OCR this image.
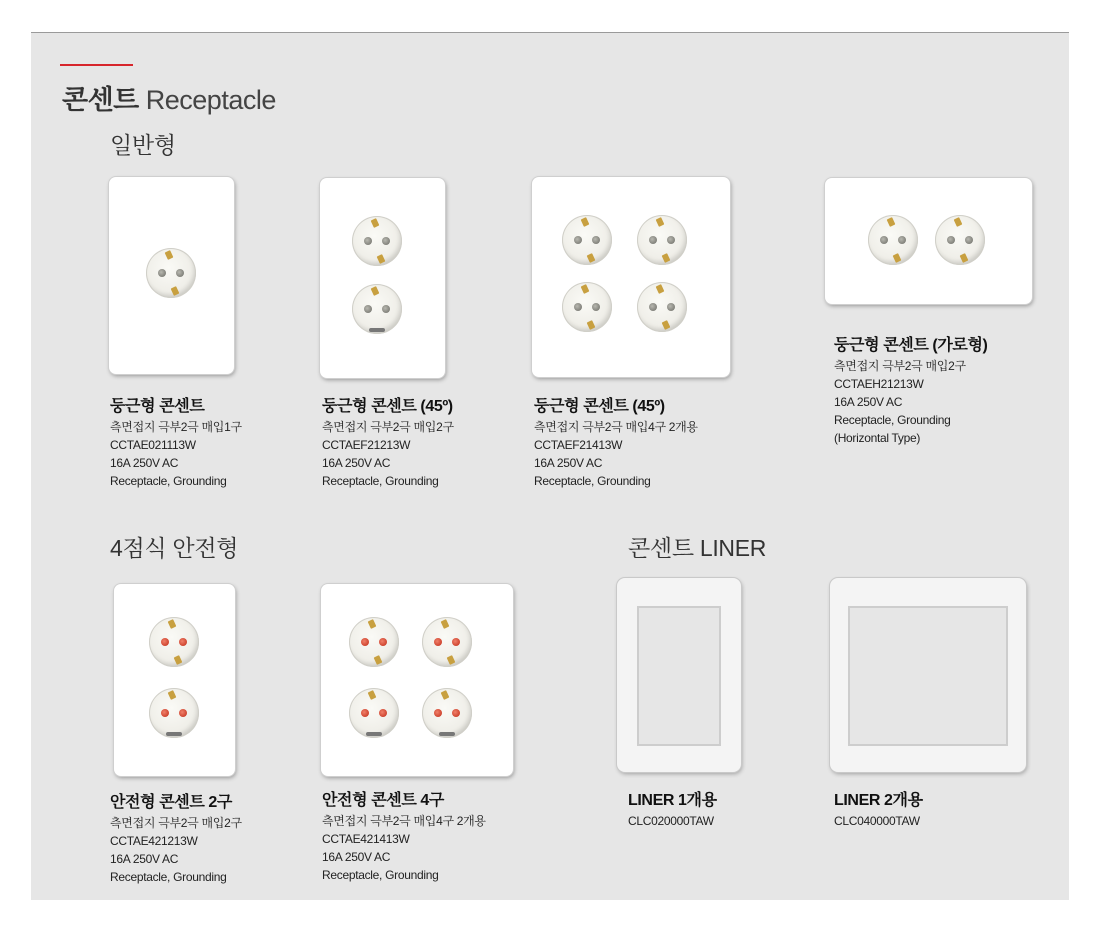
콘센트 Receptacle
일반형
4점식 안전형	콘센트 LINER
둥근형 콘센트
측면접지 극부2극 매입1구
CCTAE021113W
16A 250V AC
Receptacle, Grounding
둥근형 콘센트 (45º)
측면접지 극부2극 매입2구
CCTAEF21213W
16A 250V AC
Receptacle, Grounding
둥근형 콘센트 (45º)
측면접지 극부2극 매입4구 2개용
CCTAEF21413W
16A 250V AC
Receptacle, Grounding
둥근형 콘센트 (가로형)
측면접지 극부2극 매입2구
CCTAEH21213W
16A 250V AC
Receptacle, Grounding
(Horizontal Type)
안전형 콘센트 2구
측면접지 극부2극 매입2구
CCTAE421213W
16A 250V AC
Receptacle, Grounding
안전형 콘센트 4구
측면접지 극부2극 매입4구 2개용
CCTAE421413W
16A 250V AC
Receptacle, Grounding
LINER 1개용
CLC020000TAW
LINER 2개용
CLC040000TAW
